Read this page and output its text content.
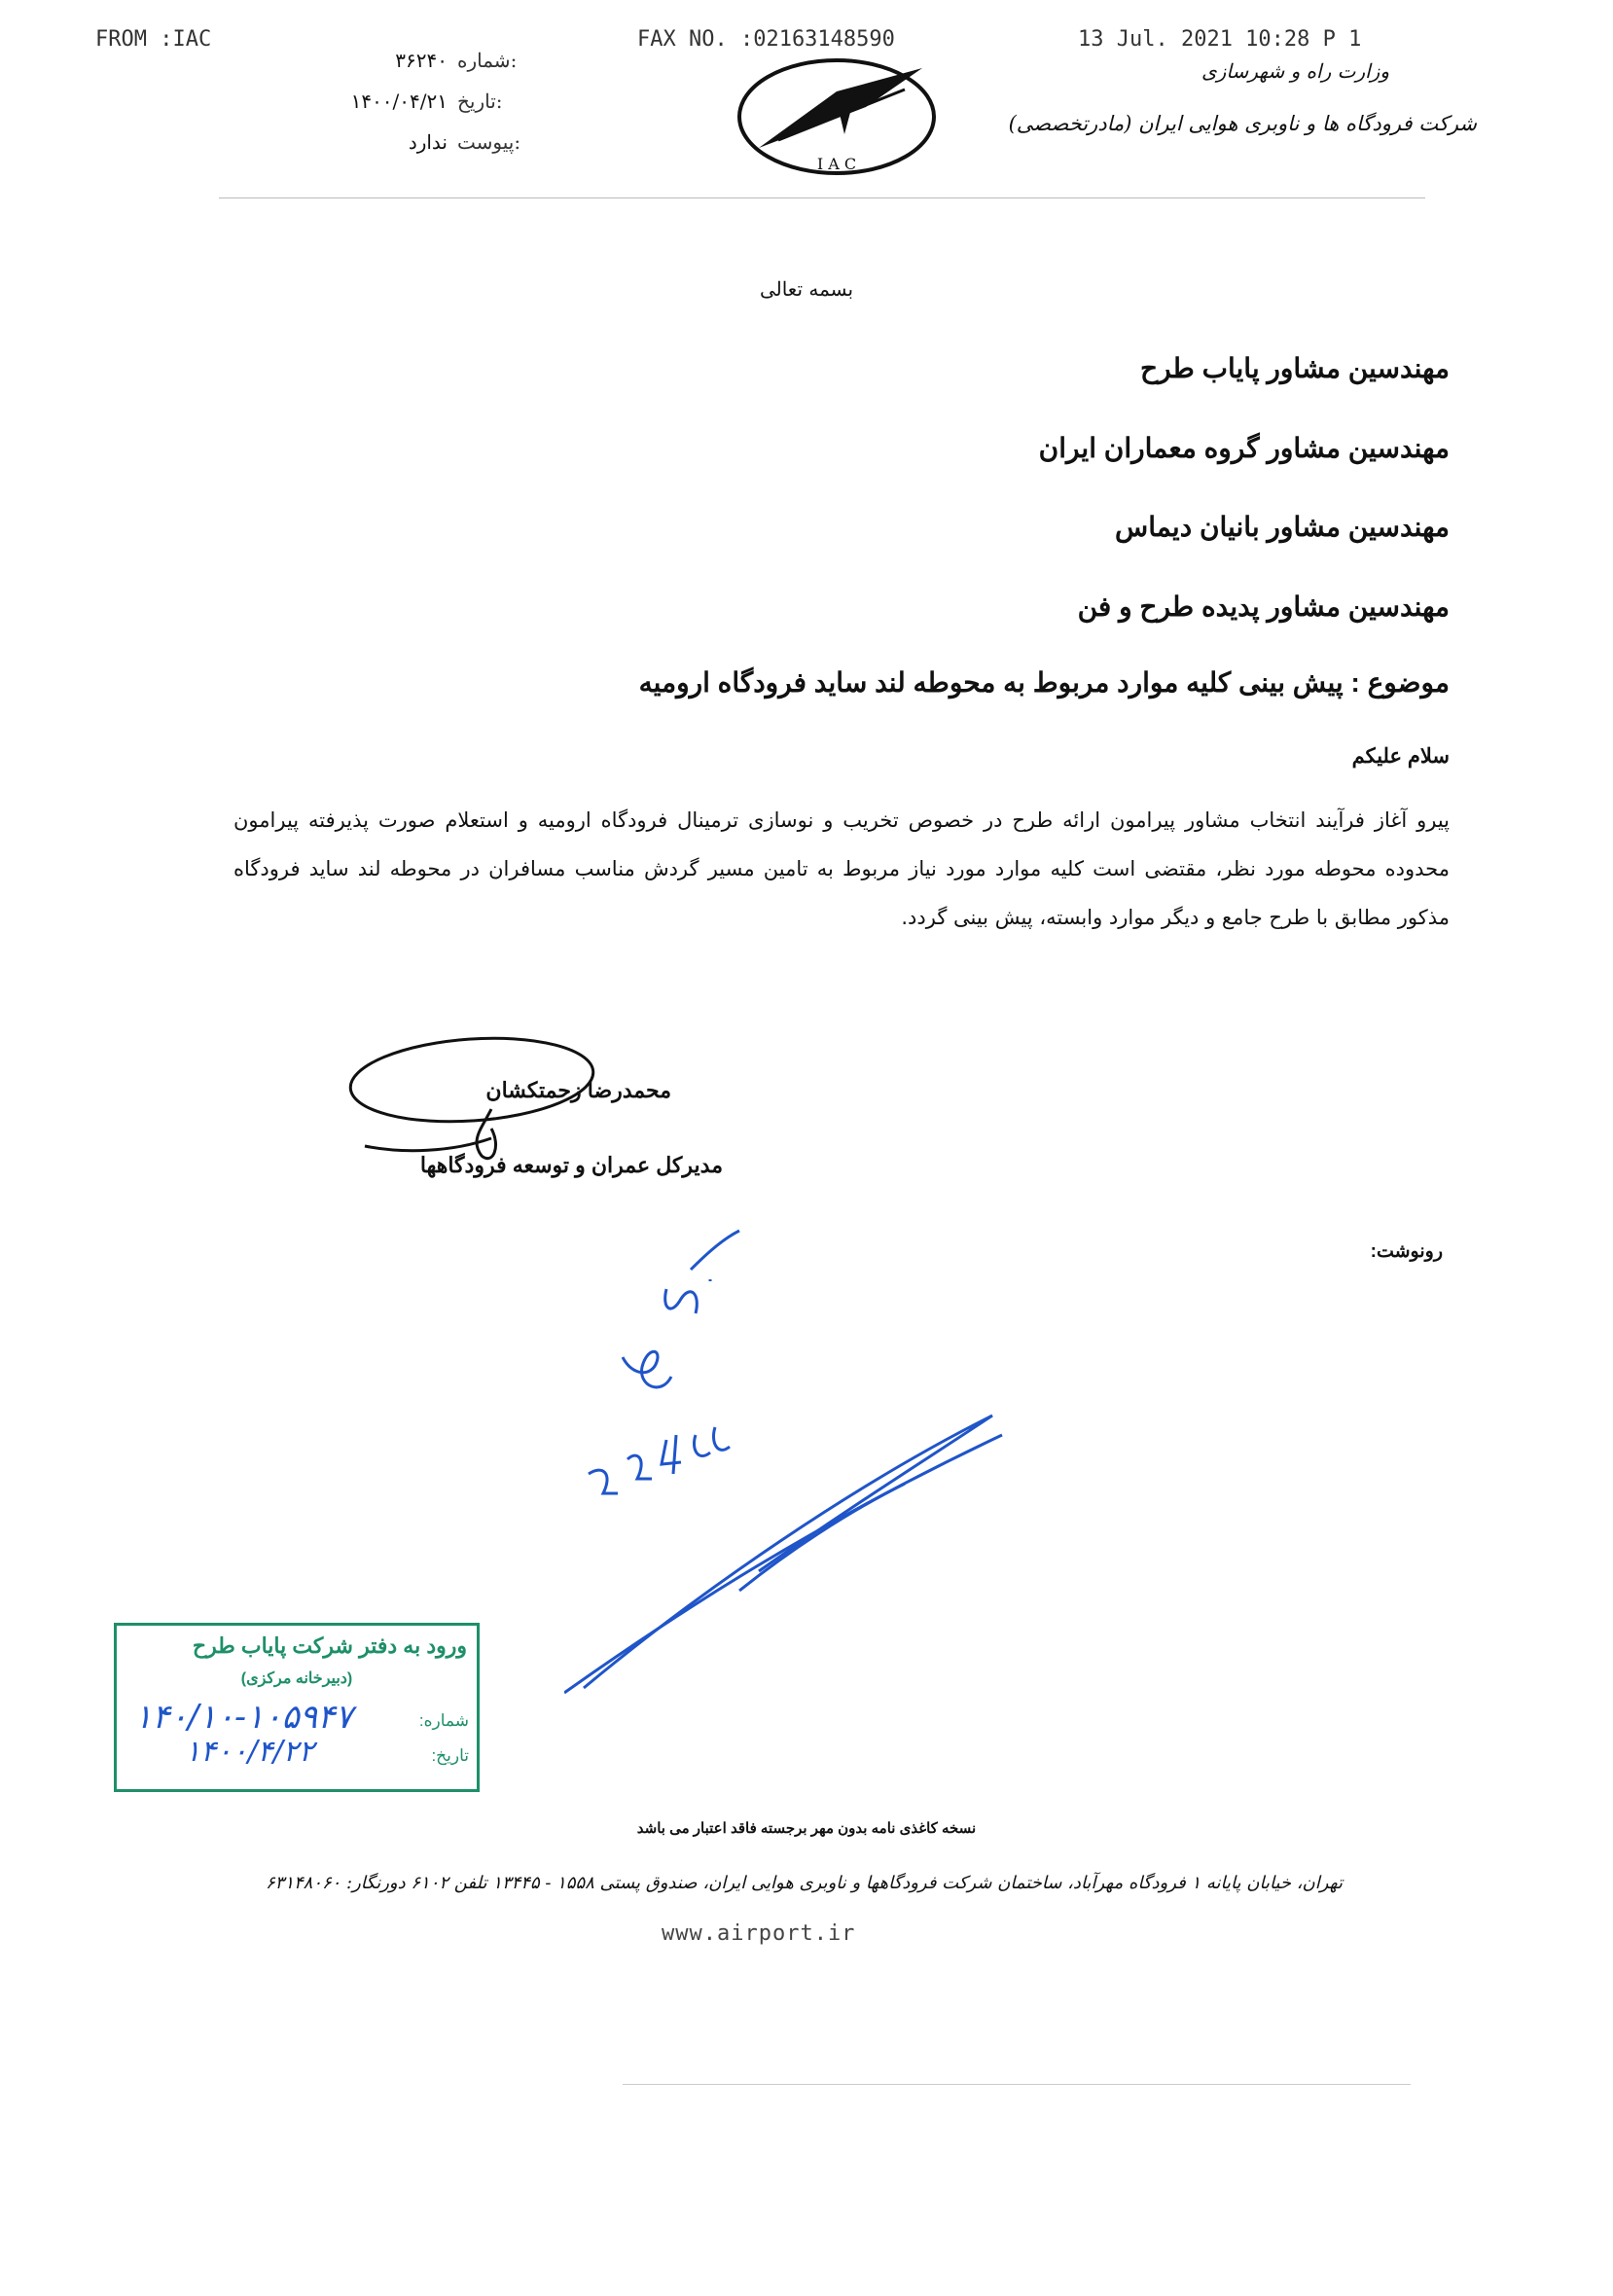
FROM :IAC	FAX NO. :02163148590	13 Jul. 2021 10:28 P 1
۳۶۲۴۰ شماره:
۱۴۰۰/۰۴/۲۱ تاریخ:
ندارد پیوست:
I A C
وزارت راه و شهرسازی
شرکت فرودگاه ها و ناوبری هوایی ایران (مادرتخصصی)
بسمه تعالی
مهندسین مشاور پایاب طرح
مهندسین مشاور گروه معماران ایران
مهندسین مشاور بانیان دیماس
مهندسین مشاور پدیده طرح و فن
موضوع : پیش بینی کلیه موارد مربوط به محوطه لند ساید فرودگاه ارومیه
سلام علیکم
پیرو آغاز فرآیند انتخاب مشاور پیرامون ارائه طرح در خصوص تخریب و نوسازی ترمینال فرودگاه ارومیه و استعلام صورت پذیرفته پیرامون محدوده محوطه مورد نظر، مقتضی است کلیه موارد مورد نیاز مربوط به تامین مسیر گردش مناسب مسافران در محوطه لند ساید فرودگاه مذکور مطابق با طرح جامع و دیگر موارد وابسته، پیش بینی گردد.
محمدرضا زحمتکشان
مدیرکل عمران و توسعه فرودگاهها
رونوشت:
ورود به دفتر شرکت پایاب طرح
(دبیرخانه مرکزی)
شماره:
۱۴۰/۱۰-۱۰۵۹۴۷
تاریخ:
۱۴۰۰/۴/۲۲
نسخه کاغذی نامه بدون مهر برجسته فاقد اعتبار می باشد
تهران، خیابان پایانه ۱ فرودگاه مهرآباد، ساختمان شرکت فرودگاهها و ناوبری هوایی ایران، صندوق پستی ۱۵۵۸ - ۱۳۴۴۵ تلفن ۶۱۰۲ دورنگار: ۶۳۱۴۸۰۶۰
www.airport.ir
